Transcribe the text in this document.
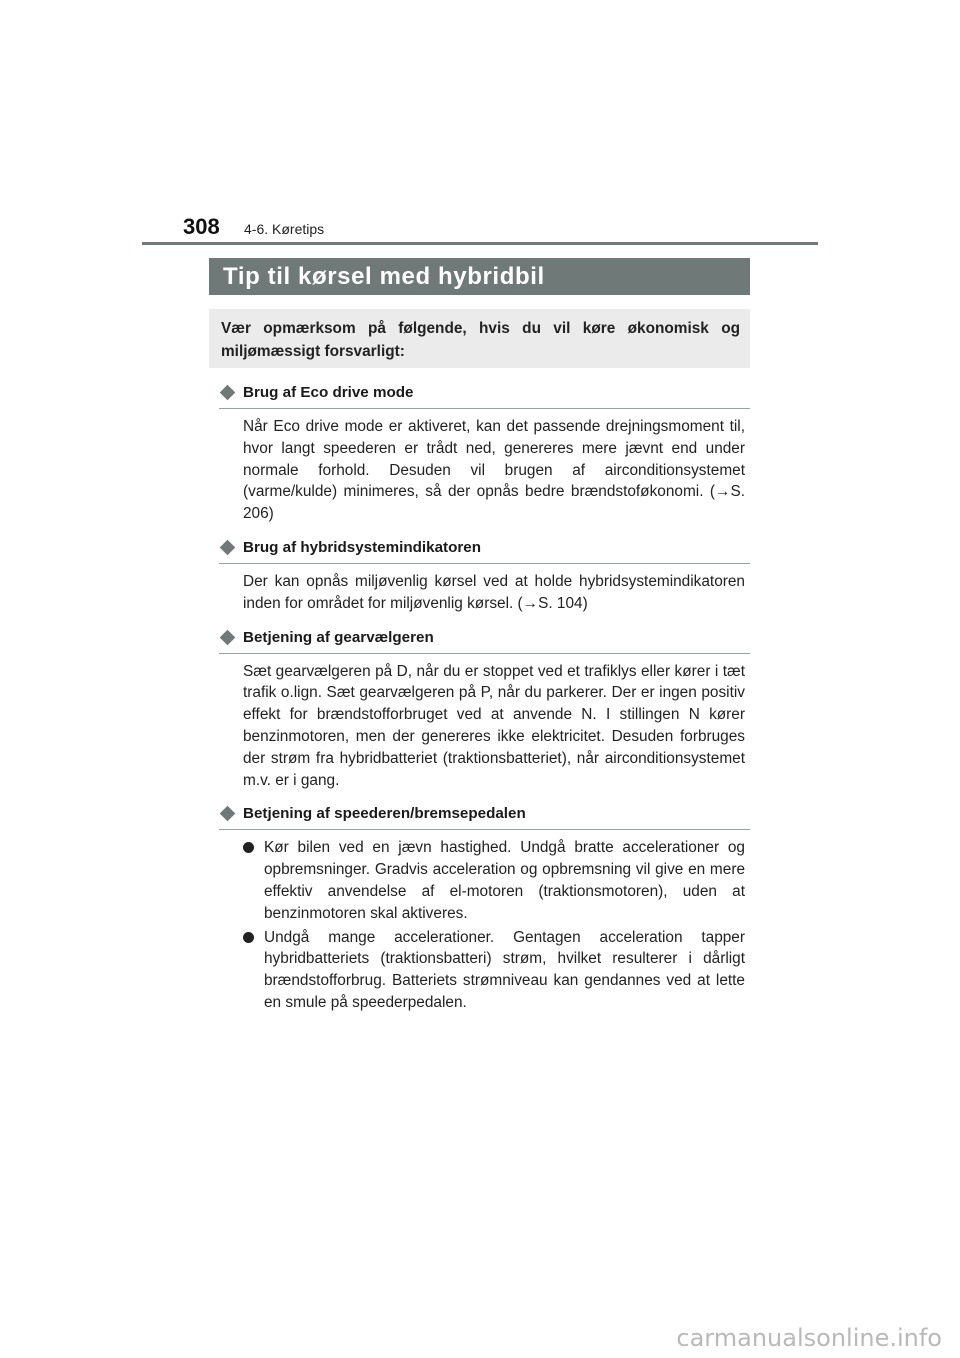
308 4-6. Køretips
Tip til kørsel med hybridbil
Vær opmærksom på følgende, hvis du vil køre økonomisk og miljømæssigt forsvarligt:
Brug af Eco drive mode

Når Eco drive mode er aktiveret, kan det passende drejningsmoment til, hvor langt speederen er trådt ned, genereres mere jævnt end under normale forhold. Desuden vil brugen af airconditionsystemet (varme/kulde) minimeres, så der opnås bedre brændstoføkonomi. (→S. 206)

Brug af hybridsystemindikatoren

Der kan opnås miljøvenlig kørsel ved at holde hybridsystemindikatoren inden for området for miljøvenlig kørsel. (→S. 104)

Betjening af gearvælgeren

Sæt gearvælgeren på D, når du er stoppet ved et trafiklys eller kører i tæt trafik o.lign. Sæt gearvælgeren på P, når du parkerer. Der er ingen positiv effekt for brændstofforbruget ved at anvende N. I stillingen N kører benzinmotoren, men der genereres ikke elektricitet. Desuden forbruges der strøm fra hybridbatteriet (traktionsbatteriet), når airconditionsystemet m.v. er i gang.

Betjening af speederen/bremsepedalen
Kør bilen ved en jævn hastighed. Undgå bratte accelerationer og opbremsninger. Gradvis acceleration og opbremsning vil give en mere effektiv anvendelse af el-motoren (traktionsmotoren), uden at benzinmotoren skal aktiveres.
Undgå mange accelerationer. Gentagen acceleration tapper hybridbatteriets (traktionsbatteri) strøm, hvilket resulterer i dårligt brændstofforbrug. Batteriets strømniveau kan gendannes ved at lette en smule på speederpedalen.
carmanualsonline.info
